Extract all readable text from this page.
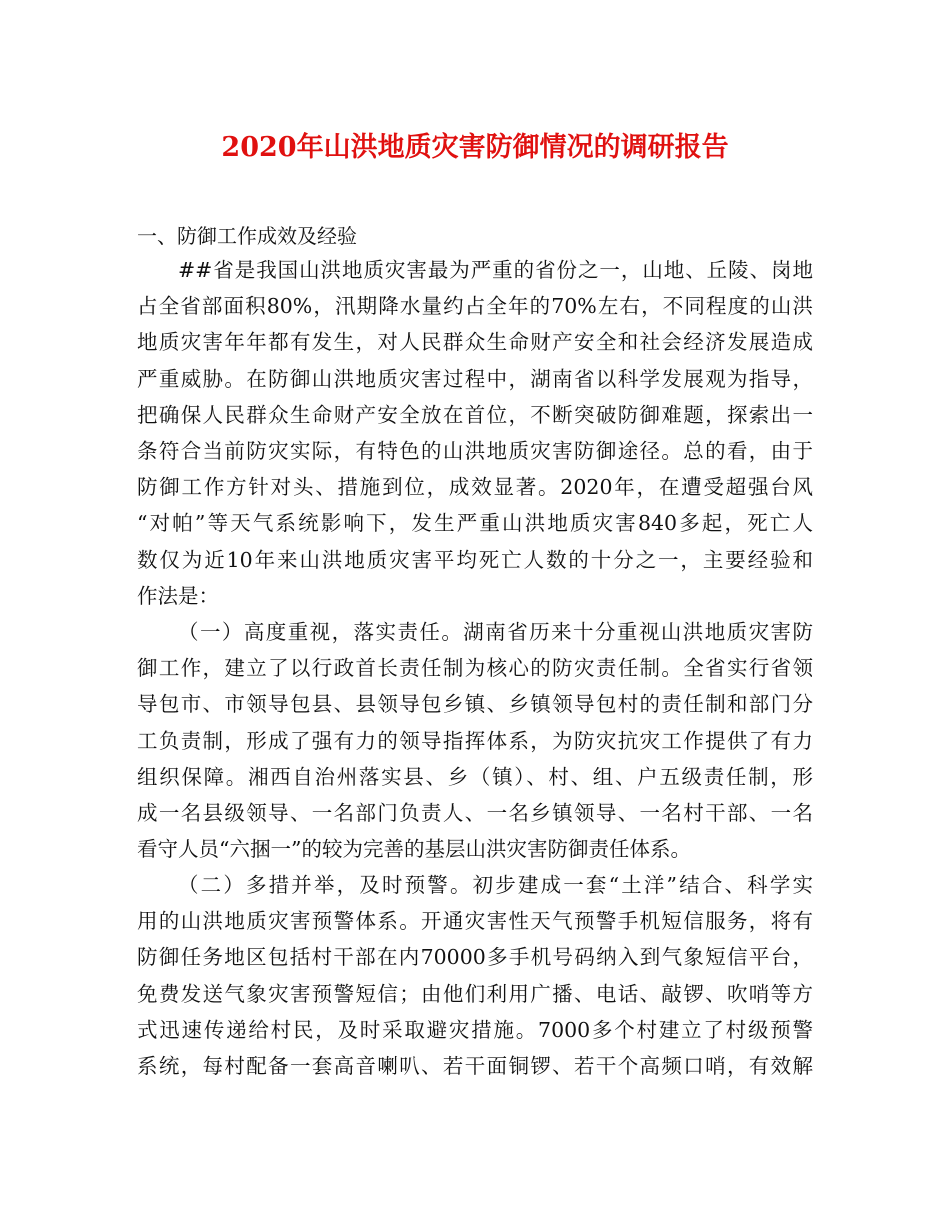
2020年山洪地质灾害防御情况的调研报告
一、防御工作成效及经验
##省是我国山洪地质灾害最为严重的省份之一，山地、丘陵、岗地
占全省部面积80%，汛期降水量约占全年的70%左右，不同程度的山洪
地质灾害年年都有发生，对人民群众生命财产安全和社会经济发展造成
严重威胁。在防御山洪地质灾害过程中，湖南省以科学发展观为指导，
把确保人民群众生命财产安全放在首位，不断突破防御难题，探索出一
条符合当前防灾实际，有特色的山洪地质灾害防御途径。总的看，由于
防御工作方针对头、措施到位，成效显著。2020年，在遭受超强台风
“对帕”等天气系统影响下，发生严重山洪地质灾害840多起，死亡人
数仅为近10年来山洪地质灾害平均死亡人数的十分之一，主要经验和
作法是：
（一）高度重视，落实责任。湖南省历来十分重视山洪地质灾害防
御工作，建立了以行政首长责任制为核心的防灾责任制。全省实行省领
导包市、市领导包县、县领导包乡镇、乡镇领导包村的责任制和部门分
工负责制，形成了强有力的领导指挥体系，为防灾抗灾工作提供了有力
组织保障。湘西自治州落实县、乡（镇）、村、组、户五级责任制，形
成一名县级领导、一名部门负责人、一名乡镇领导、一名村干部、一名
看守人员“六捆一”的较为完善的基层山洪灾害防御责任体系。
（二）多措并举，及时预警。初步建成一套“土洋”结合、科学实
用的山洪地质灾害预警体系。开通灾害性天气预警手机短信服务，将有
防御任务地区包括村干部在内70000多手机号码纳入到气象短信平台，
免费发送气象灾害预警短信；由他们利用广播、电话、敲锣、吹哨等方
式迅速传递给村民，及时采取避灾措施。7000多个村建立了村级预警
系统，每村配备一套高音喇叭、若干面铜锣、若干个高频口哨，有效解
